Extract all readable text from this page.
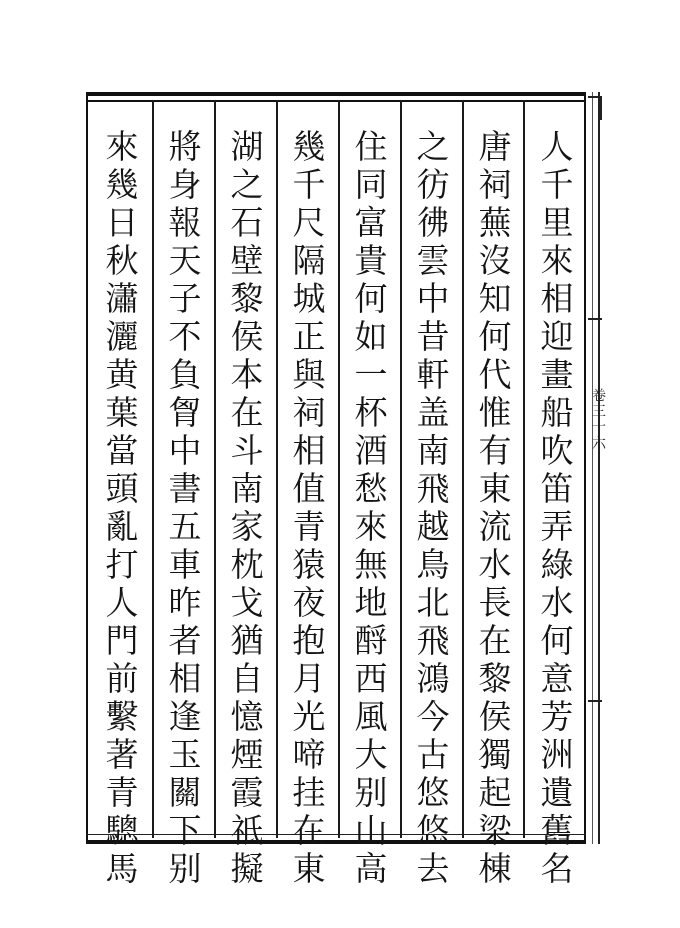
人
千
里
來
相
迎
畫
船
吹
笛
弄
綠
水
何
意
芳
洲
遺
舊
名
唐
祠
蕪
沒
知
何
代
惟
有
東
流
水
長
在
黎
侯
獨
起
梁
棟
之
彷
彿
雲
中
昔
軒
盖
南
飛
越
鳥
北
飛
鴻
今
古
悠
悠
去
住
同
富
貴
何
如
一
杯
酒
愁
來
無
地
酹
西
風
大
别
山
高
幾
千
尺
隔
城
正
與
祠
相
值
青
猿
夜
抱
月
光
啼
挂
在
東
湖
之
石
壁
黎
侯
本
在
斗
南
家
枕
戈
猶
自
憶
煙
霞
祇
擬
將
身
報
天
子
不
負
胷
中
書
五
車
昨
者
相
逢
玉
關
下
别
來
幾
日
秋
瀟
灑
黄
葉
當
頭
亂
打
人
門
前
繫
著
青
驄
馬
卷
三
十
六
